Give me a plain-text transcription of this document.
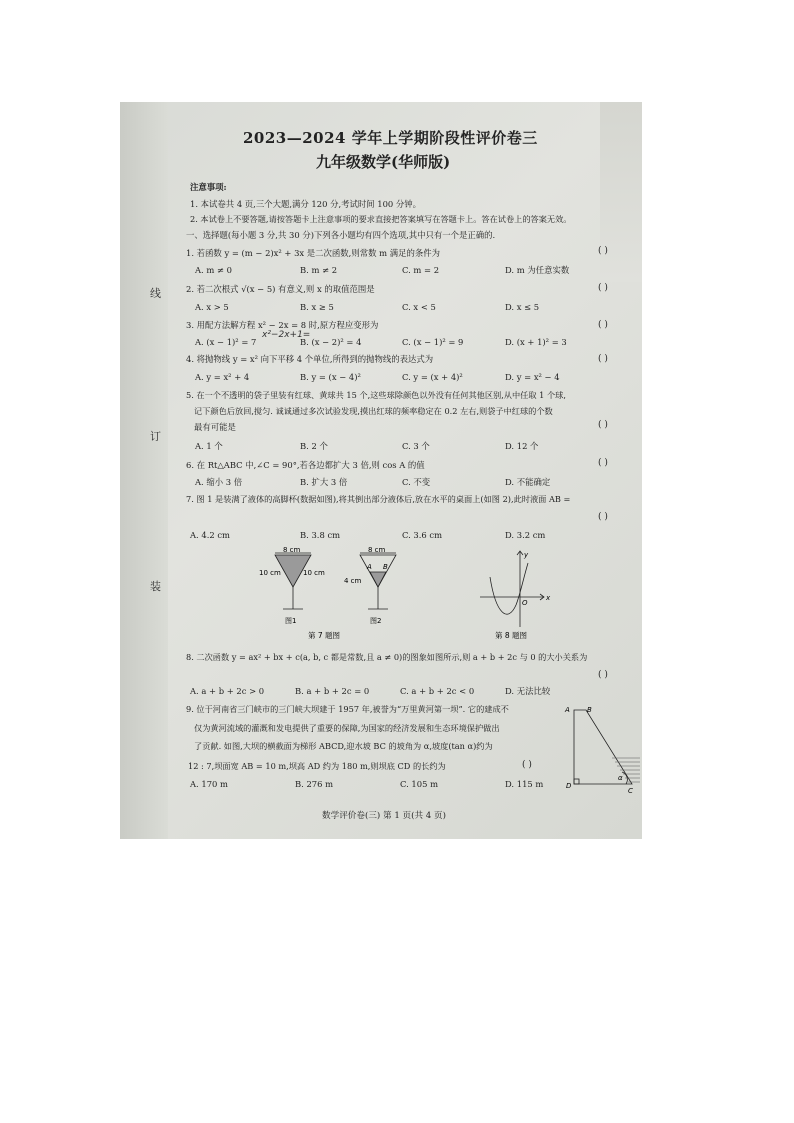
线
订
装
2023—2024 学年上学期阶段性评价卷三
九年级数学(华师版)
注意事项:
1. 本试卷共 4 页,三个大题,满分 120 分,考试时间 100 分钟。
2. 本试卷上不要答题,请按答题卡上注意事项的要求直接把答案填写在答题卡上。答在试卷上的答案无效。
一、选择题(每小题 3 分,共 30 分)下列各小题均有四个选项,其中只有一个是正确的.
1. 若函数 y = (m − 2)x² + 3x 是二次函数,则常数 m 满足的条件为	( )
A. m ≠ 0	B. m ≠ 2	C. m = 2	D. m 为任意实数
2. 若二次根式 √(x − 5) 有意义,则 x 的取值范围是	( )
A. x > 5	B. x ≥ 5	C. x < 5	D. x ≤ 5
3. 用配方法解方程 x² − 2x = 8 时,原方程应变形为	( )
A. (x − 1)² = 7	B. (x − 2)² = 4	C. (x − 1)² = 9	D. (x + 1)² = 3
x²−2x+1=
4. 将抛物线 y = x² 向下平移 4 个单位,所得到的抛物线的表达式为	( )
A. y = x² + 4	B. y = (x − 4)²	C. y = (x + 4)²	D. y = x² − 4
5. 在一个不透明的袋子里装有红球、黄球共 15 个,这些球除颜色以外没有任何其他区别,从中任取 1 个球,
记下颜色后放回,搅匀. 诚诚通过多次试验发现,摸出红球的频率稳定在 0.2 左右,则袋子中红球的个数
最有可能是	( )
A. 1 个	B. 2 个	C. 3 个	D. 12 个
6. 在 Rt△ABC 中,∠C = 90°,若各边都扩大 3 倍,则 cos A 的值	( )
A. 缩小 3 倍	B. 扩大 3 倍	C. 不变	D. 不能确定
7. 图 1 是装满了液体的高脚杯(数据如图),将其倒出部分液体后,放在水平的桌面上(如图 2),此时液面 AB =
( )
A. 4.2 cm	B. 3.8 cm	C. 3.6 cm	D. 3.2 cm
8 cm
10 cm	10 cm
8 cm
4 cm
A B
图1	图2
第 7 题图
y
x
O
第 8 题图
8. 二次函数 y = ax² + bx + c(a, b, c 都是常数,且 a ≠ 0)的图象如图所示,则 a + b + 2c 与 0 的大小关系为
( )
A. a + b + 2c > 0	B. a + b + 2c = 0	C. a + b + 2c < 0	D. 无法比较
9. 位于河南省三门峡市的三门峡大坝建于 1957 年,被誉为“万里黄河第一坝”. 它的建成不
仅为黄河流域的灌溉和发电提供了重要的保障,为国家的经济发展和生态环境保护做出
了贡献. 如图,大坝的横截面为梯形 ABCD,迎水坡 BC 的坡角为 α,坡度(tan α)约为
12 : 7,坝面宽 AB = 10 m,坝高 AD 约为 180 m,则坝底 CD 的长约为	( )
A. 170 m	B. 276 m	C. 105 m	D. 115 m
A B
D
C
α
数学评价卷(三) 第 1 页(共 4 页)
